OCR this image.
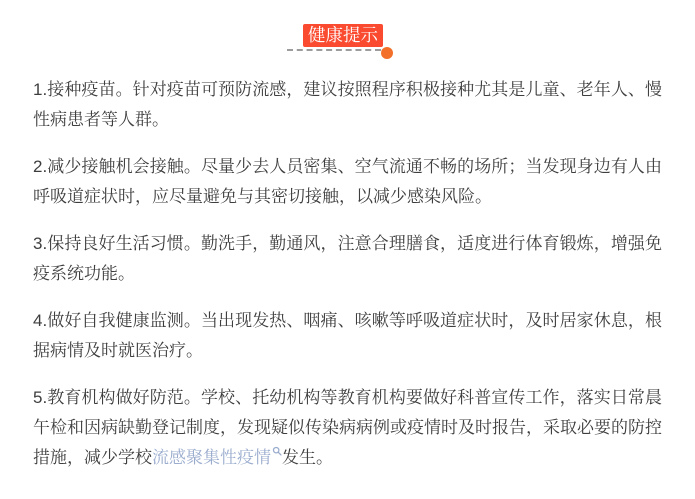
健康提示

1.接种疫苗。针对疫苗可预防流感，建议按照程序积极接种尤其是儿童、老年人、慢性病患者等人群。

2.减少接触机会接触。尽量少去人员密集、空气流通不畅的场所；当发现身边有人由呼吸道症状时，应尽量避免与其密切接触，以减少感染风险。

3.保持良好生活习惯。勤洗手，勤通风，注意合理膳食，适度进行体育锻炼，增强免疫系统功能。

4.做好自我健康监测。当出现发热、咽痛、咳嗽等呼吸道症状时，及时居家休息，根据病情及时就医治疗。

5.教育机构做好防范。学校、托幼机构等教育机构要做好科普宣传工作，落实日常晨午检和因病缺勤登记制度，发现疑似传染病病例或疫情时及时报告，采取必要的防控措施，减少学校流感聚集性疫情 发生。
